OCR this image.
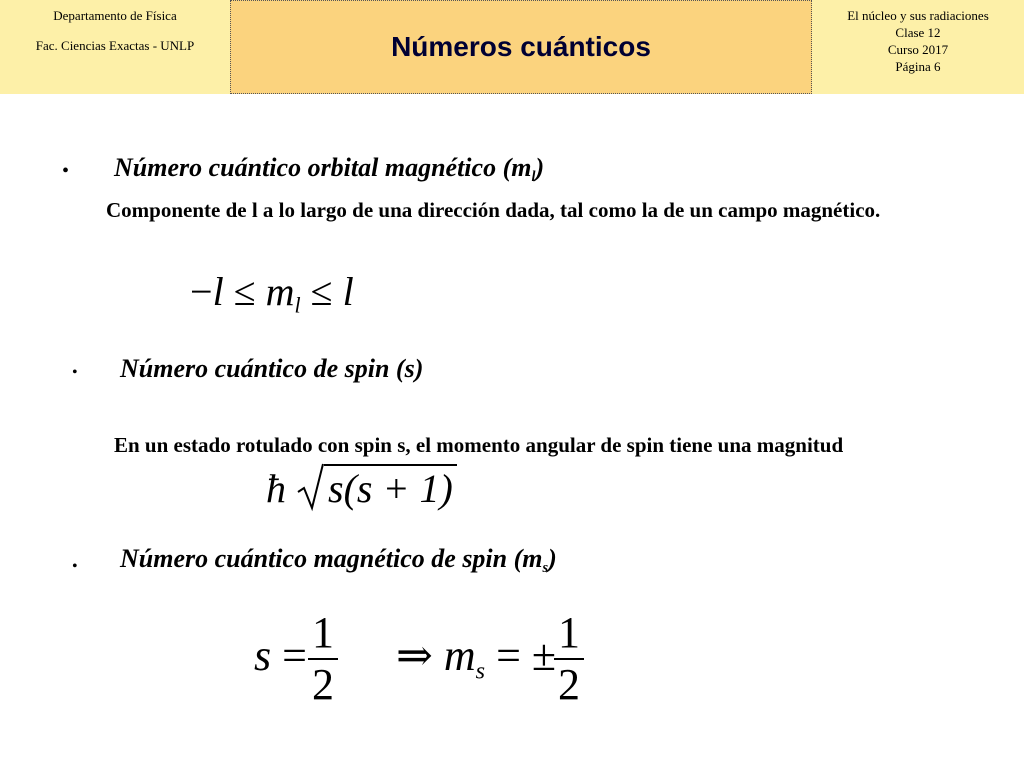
Departamento de Física
Fac. Ciencias Exactas - UNLP	Números cuánticos
El núcleo y sus radiaciones
Clase 12
Curso 2017
Página 6
• Número cuántico orbital magnético $(m_l)$
Componente de l a lo largo de una dirección dada, tal como la de un campo magnético.
$-l \le m_l \le l$
• Número cuántico de spin (s)
En un estado rotulado con spin s, el momento angular de spin tiene una magnitud
ħ s(s + 1)
• Número cuántico magnético de spin $(m_s)$
$s = \frac{1}{2}$ ⇒ $m_s$ = ±
$\frac{1}{2}$
